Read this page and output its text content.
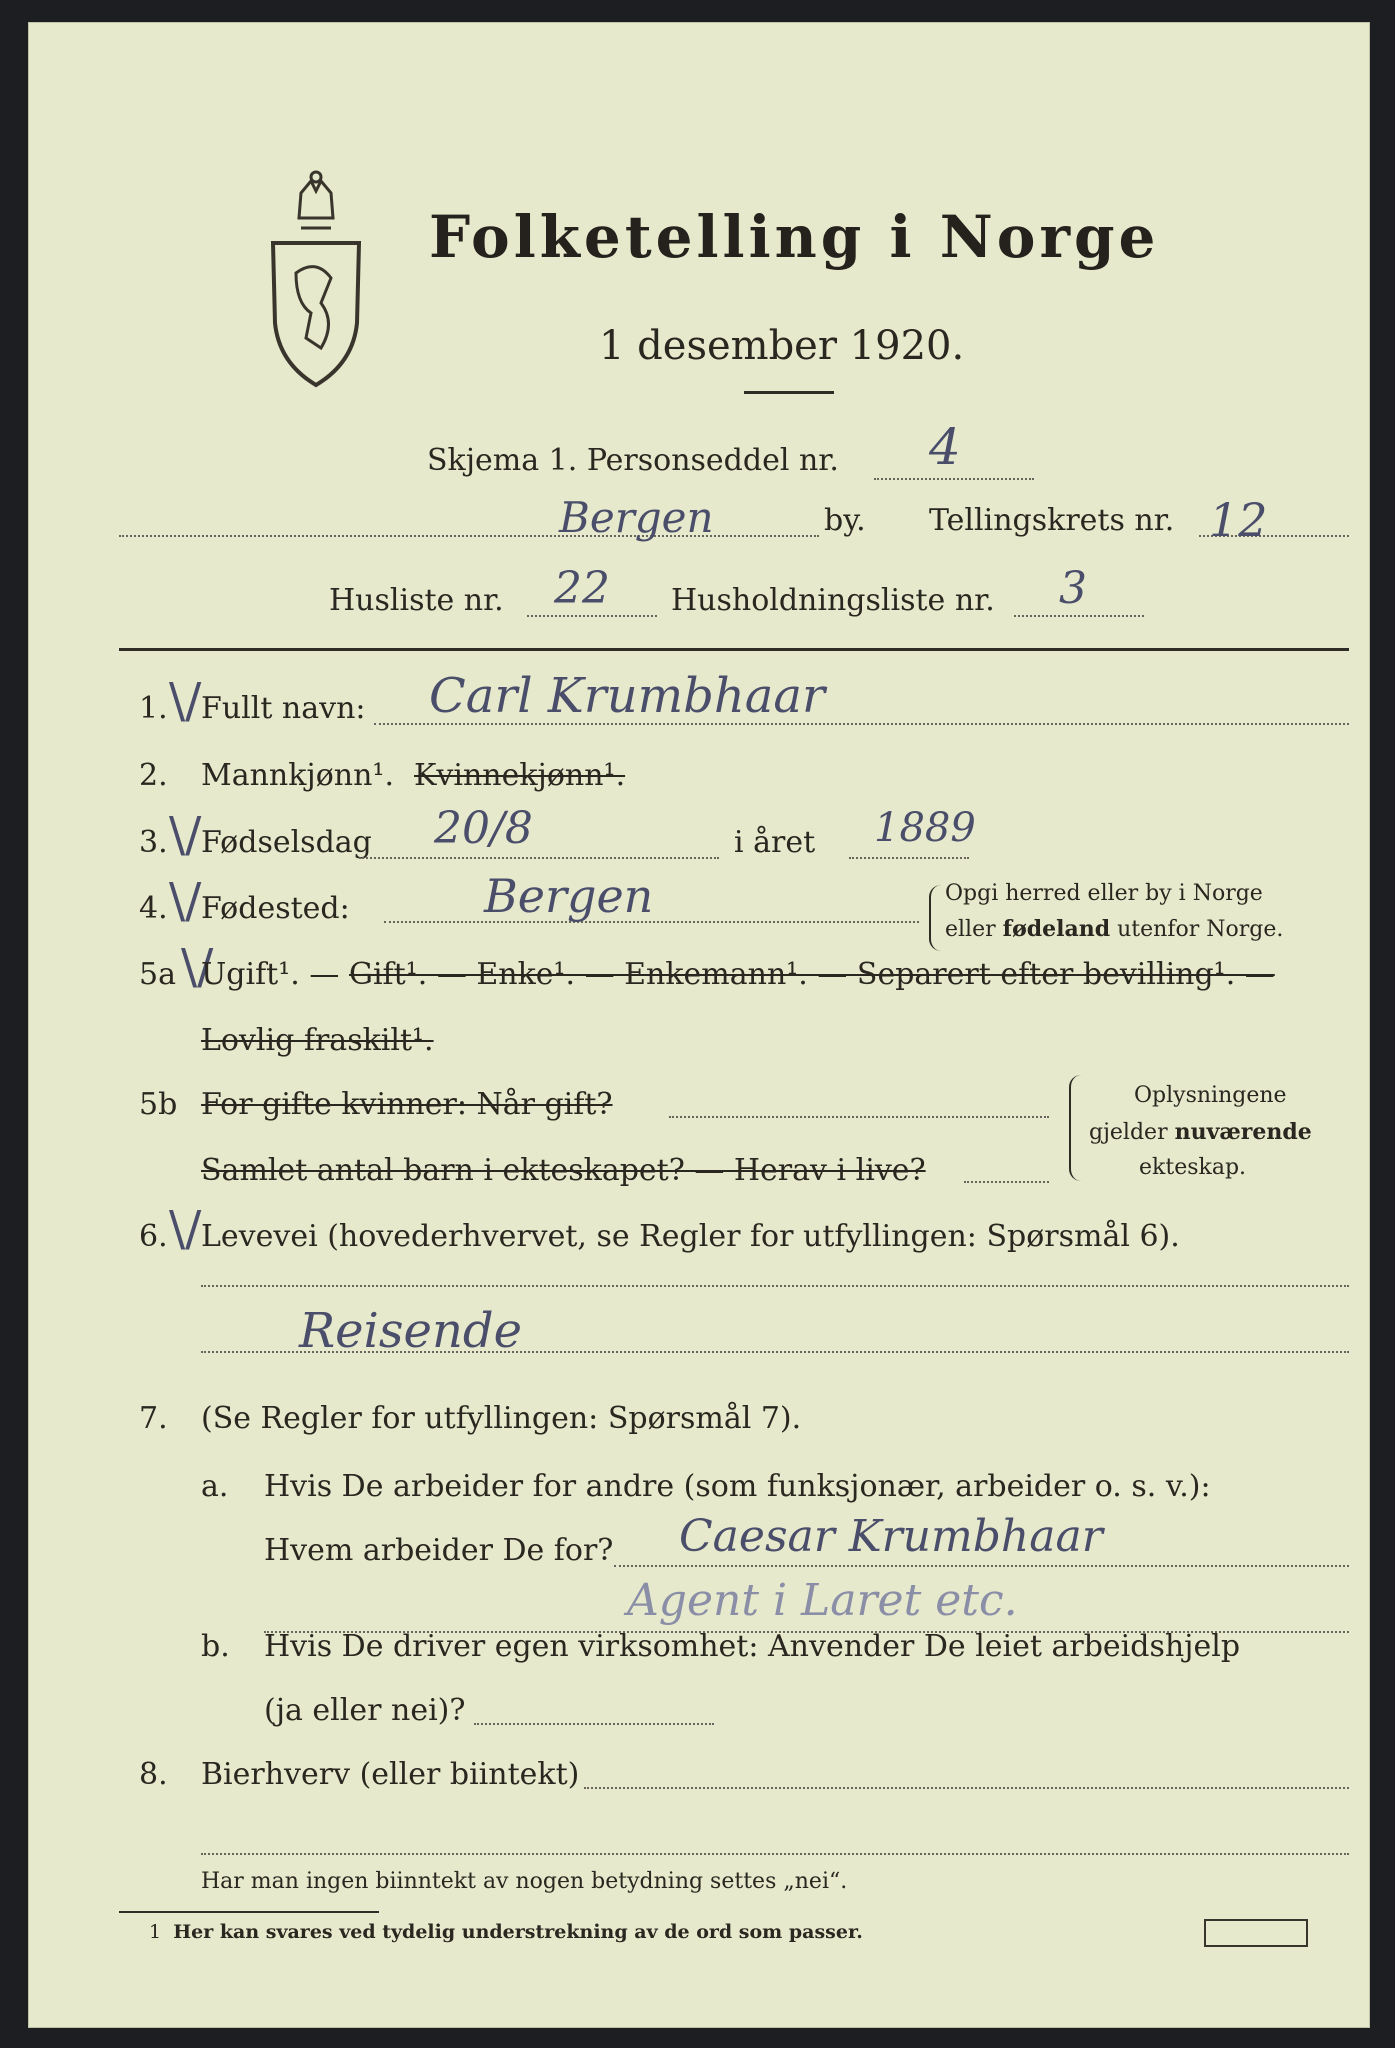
Folketelling i Norge
1 desember 1920.
Skjema 1. Personseddel nr. 4
Bergen	by. Tellingskrets nr. 12
Husliste nr. 22 Husholdningsliste nr. 3
1. \/ Fullt navn: Carl Krumbhaar
2. Mannkjønn¹. Kvinnekjønn¹.
3. \/ Fødselsdag 20/8	i året 1889
4. \/ Fødested:	Bergen	Opgi herred eller by i Norge
eller fødeland utenfor Norge.
5a \/
Ugift¹. — Gift¹. — Enke¹. — Enkemann¹. — Separert efter bevilling¹. —
Lovlig fraskilt¹.
5b For gifte kvinner: Når gift?
Samlet antal barn i ekteskapet? — Herav i live?
Oplysningene
gjelder nuværende
ekteskap.
6. \/ Levevei (hovederhvervet, se Regler for utfyllingen: Spørsmål 6).
Reisende
7. (Se Regler for utfyllingen: Spørsmål 7).
a. Hvis De arbeider for andre (som funksjonær, arbeider o. s. v.):
Hvem arbeider De for? Caesar Krumbhaar
Agent i Laret etc.
b. Hvis De driver egen virksomhet: Anvender De leiet arbeidshjelp
(ja eller nei)?
8. Bierhverv (eller biintekt)
Har man ingen biinntekt av nogen betydning settes „nei“.
1 Her kan svares ved tydelig understrekning av de ord som passer.
